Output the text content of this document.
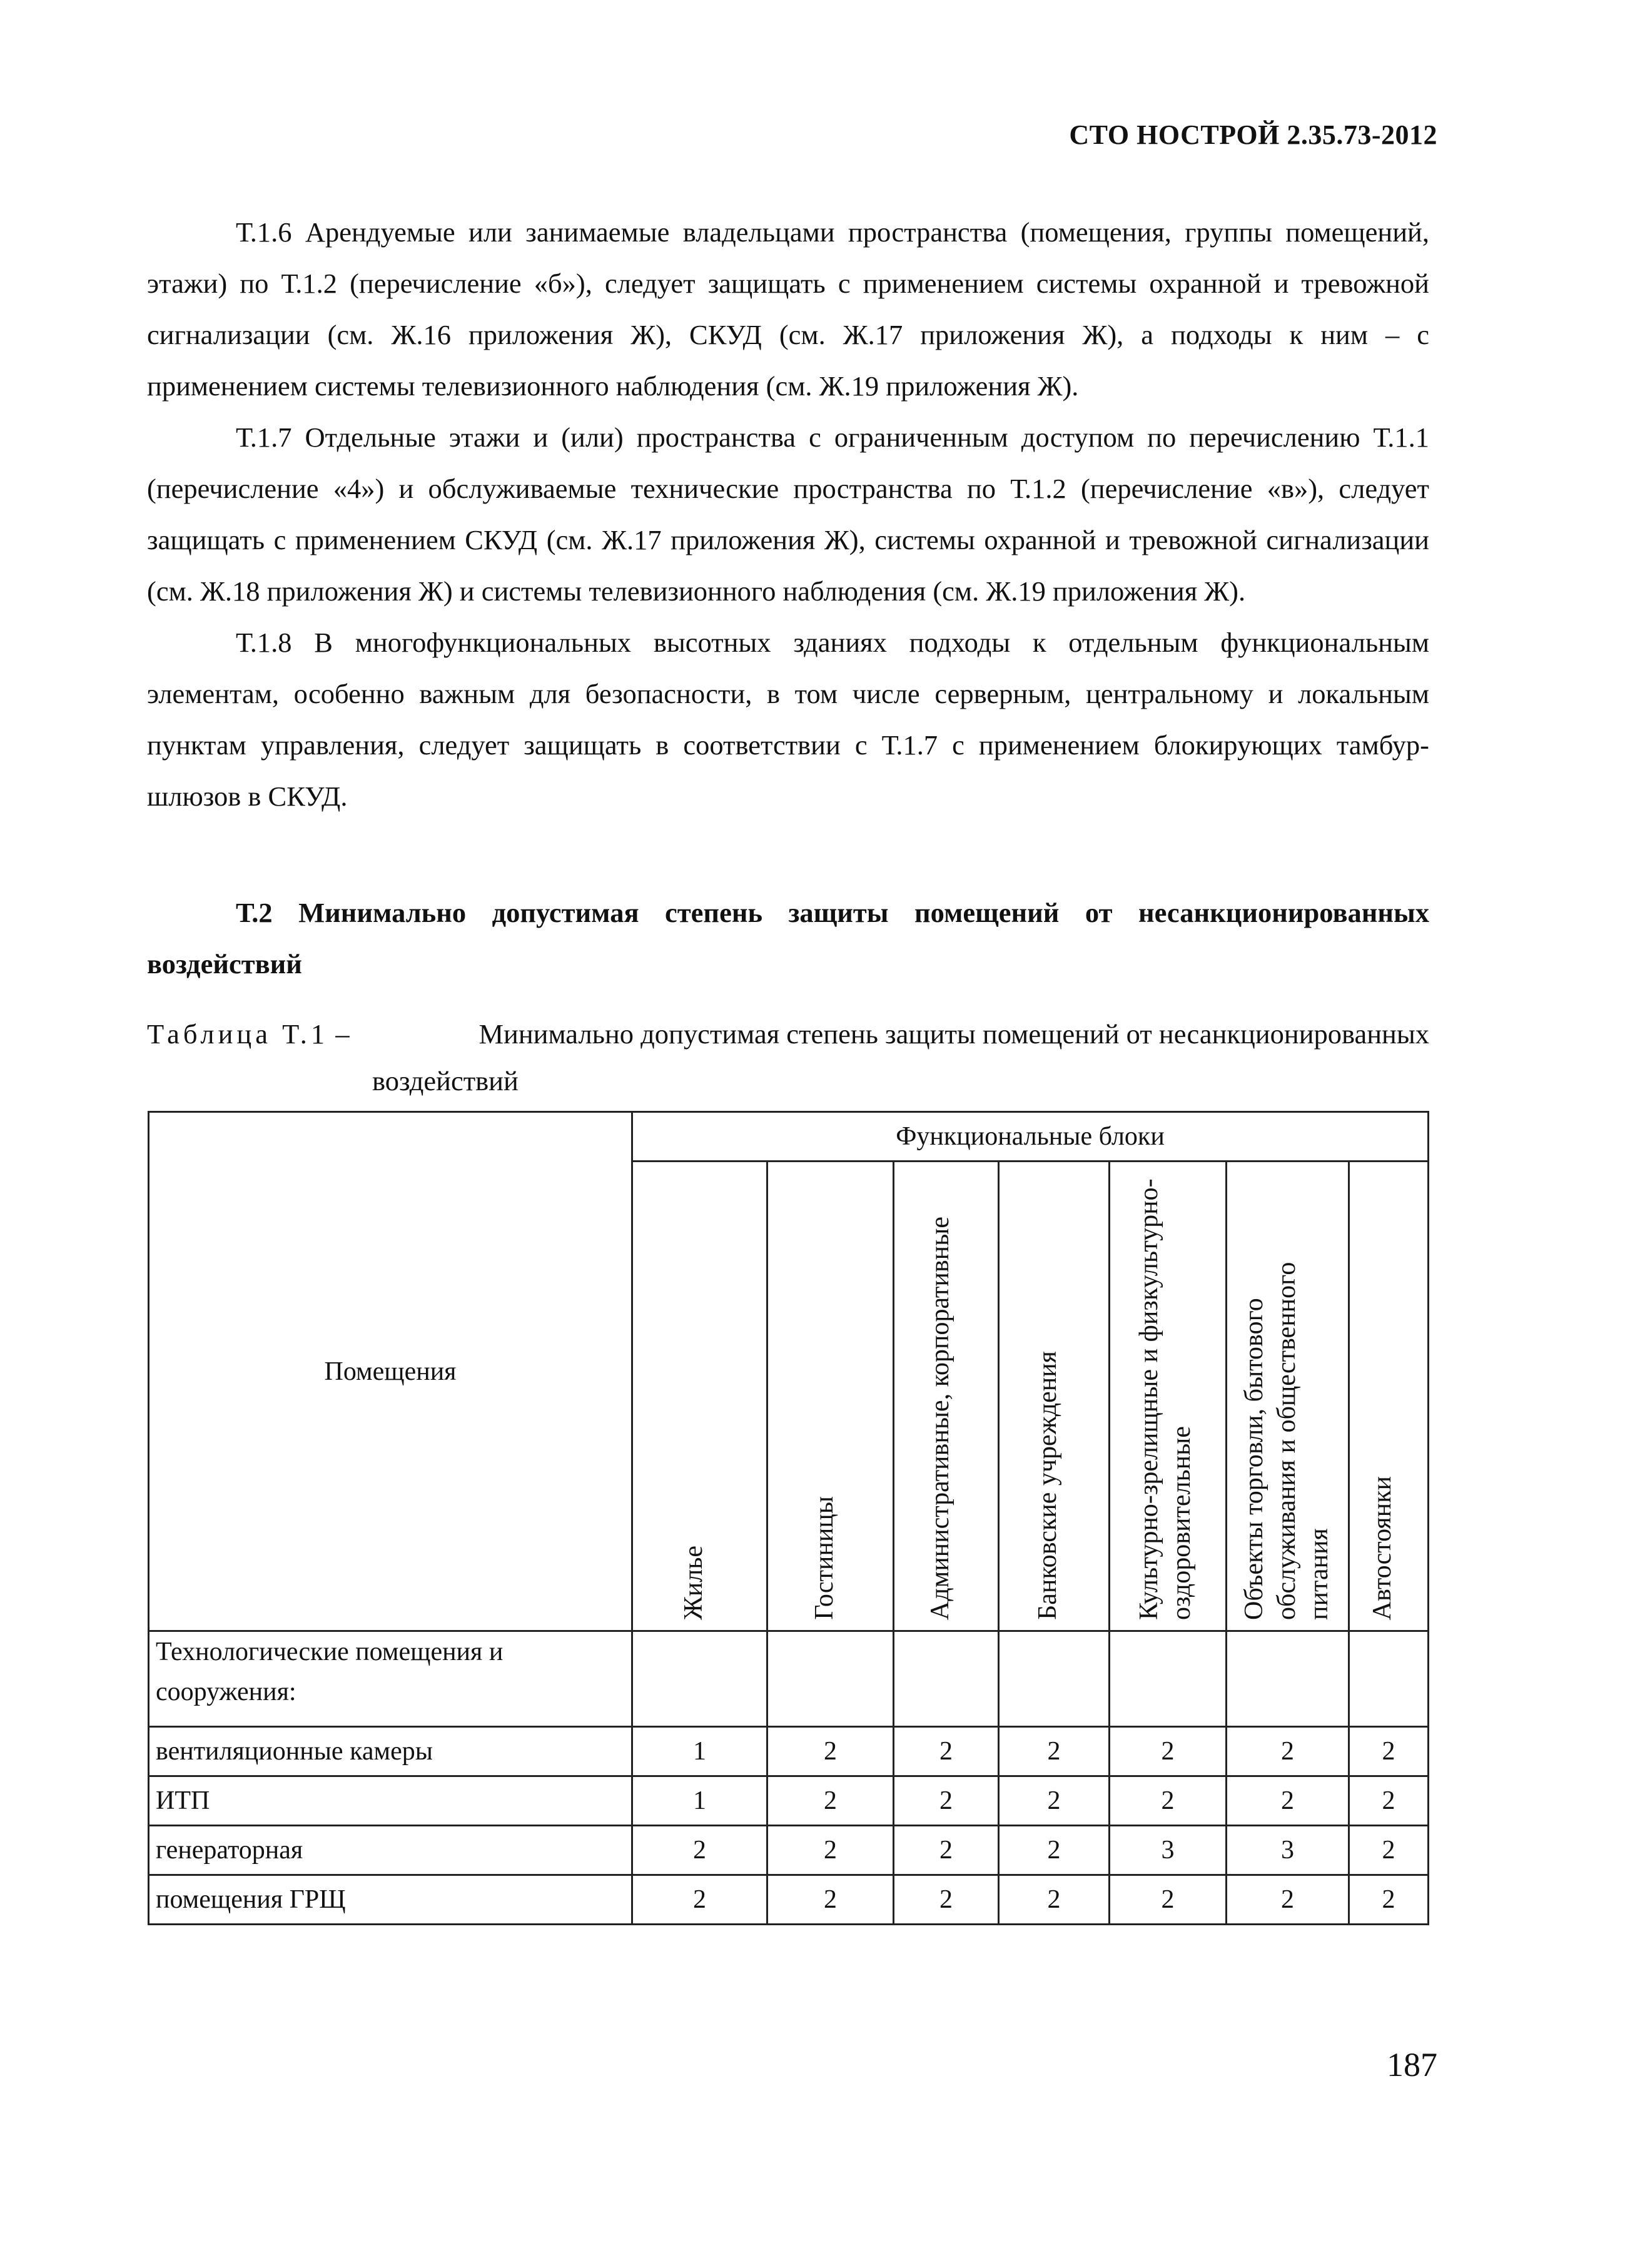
СТО НОСТРОЙ 2.35.73-2012

Т.1.6 Арендуемые или занимаемые владельцами пространства (помещения, группы помещений, этажи) по Т.1.2 (перечисление «б»), следует защищать с применением системы охранной и тревожной сигнализации (см. Ж.16 приложения Ж), СКУД (см. Ж.17 приложения Ж), а подходы к ним – с применением системы телевизионного наблюдения (см. Ж.19 приложения Ж).

Т.1.7 Отдельные этажи и (или) пространства с ограниченным доступом по перечислению Т.1.1 (перечисление «4») и обслуживаемые технические пространства по Т.1.2 (перечисление «в»), следует защищать с применением СКУД (см. Ж.17 приложения Ж), системы охранной и тревожной сигнализации (см. Ж.18 приложения Ж) и системы телевизионного наблюдения (см. Ж.19 приложения Ж).

Т.1.8 В многофункциональных высотных зданиях подходы к отдельным функциональным элементам, особенно важным для безопасности, в том числе серверным, центральному и локальным пунктам управления, следует защищать в соответствии с Т.1.7 с применением блокирующих тамбур-шлюзов в СКУД.

Т.2 Минимально допустимая степень защиты помещений от несанкционированных воздействий

Таблица Т.1 –	Минимально допустимая степень защиты помещений от несанкционированных
воздействий
Помещения	Функциональные блоки						

	Жилье	Гостиницы	Административные, корпоративные	Банковские учреждения	Культурно-зрелищные и физкультурно-оздоровительные	Объекты торговли, бытового обслуживания и общественного питания	Автостоянки

Технологические помещения и сооружения:							
вентиляционные камеры	1	2	2	2	2	2	2
ИТП	1	2	2	2	2	2	2
генераторная	2	2	2	2	3	3	2
помещения ГРЩ	2	2	2	2	2	2	2
187
